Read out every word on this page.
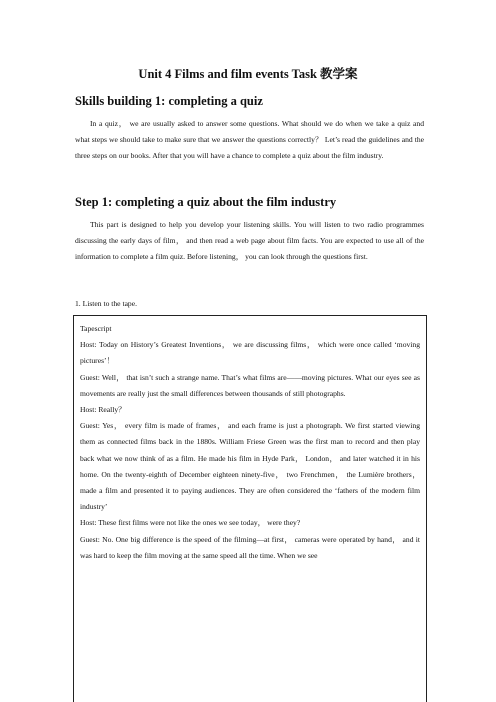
Unit 4 Films and film events Task 教学案
Skills building 1: completing a quiz

In a quiz， we are usually asked to answer some questions. What should we do when we take a quiz and what steps we should take to make sure that we answer the questions correctly？ Let’s read the guidelines and the three steps on our books. After that you will have a chance to complete a quiz about the film industry.

Step 1: completing a quiz about the film industry

This part is designed to help you develop your listening skills. You will listen to two radio programmes discussing the early days of film， and then read a web page about film facts. You are expected to use all of the information to complete a film quiz. Before listening， you can look through the questions first.

1. Listen to the tape.

Tapescript

Host: Today on History’s Greatest Inventions， we are discussing films， which were once called ‘moving pictures’！

Guest: Well， that isn’t such a strange name. That’s what films are——moving pictures. What our eyes see as movements are really just the small differences between thousands of still photographs.

Host: Really？

Guest: Yes， every film is made of frames， and each frame is just a photograph. We first started viewing them as connected films back in the 1880s. William Friese Green was the first man to record and then play back what we now think of as a film. He made his film in Hyde Park， London， and later watched it in his home. On the twenty-eighth of December eighteen ninety-five， two Frenchmen， the Lumière brothers， made a film and presented it to paying audiences. They are often considered the ‘fathers of the modern film industry’

Host: These first films were not like the ones we see today， were they?

Guest: No. One big difference is the speed of the filming—at first， cameras were operated by hand， and it was hard to keep the film moving at the same speed all the time. When we see
